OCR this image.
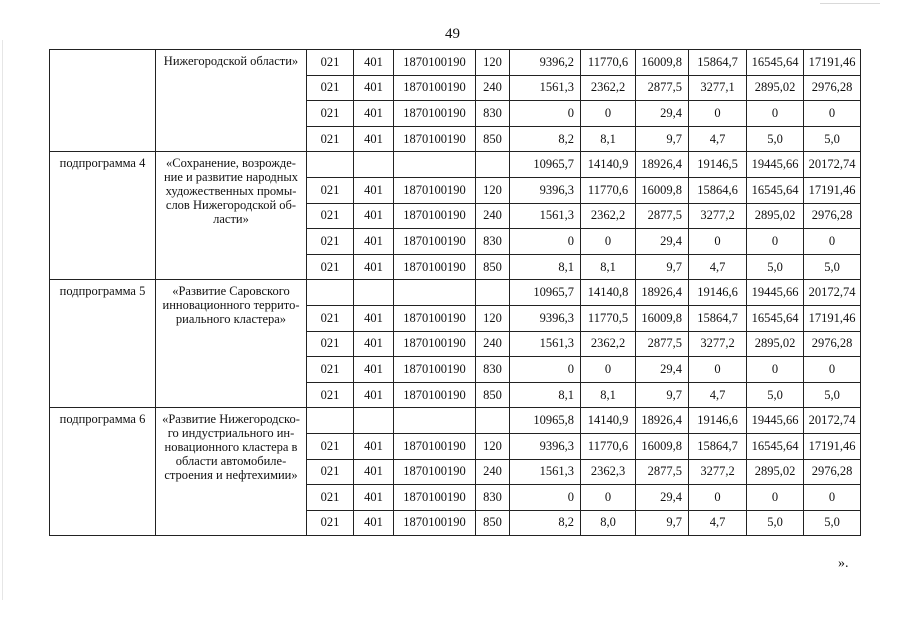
49
	Нижегородской области»	021	401	1870100190	120	9396,2	11770,6	16009,8	15864,7	16545,64	17191,46
		021	401	1870100190	240	1561,3	2362,2	2877,5	3277,1	2895,02	2976,28
		021	401	1870100190	830	0	0	29,4	0	0	0
		021	401	1870100190	850	8,2	8,1	9,7	4,7	5,0	5,0
подпрограмма 4	«Сохранение, возрожде-ние и развитие народных художественных промы-слов Нижегородской об-ласти»					10965,7	14140,9	18926,4	19146,5	19445,66	20172,74
		021	401	1870100190	120	9396,3	11770,6	16009,8	15864,6	16545,64	17191,46
		021	401	1870100190	240	1561,3	2362,2	2877,5	3277,2	2895,02	2976,28
		021	401	1870100190	830	0	0	29,4	0	0	0
		021	401	1870100190	850	8,1	8,1	9,7	4,7	5,0	5,0
подпрограмма 5	«Развитие Саровского инновационного террито-риального кластера»					10965,7	14140,8	18926,4	19146,6	19445,66	20172,74
		021	401	1870100190	120	9396,3	11770,5	16009,8	15864,7	16545,64	17191,46
		021	401	1870100190	240	1561,3	2362,2	2877,5	3277,2	2895,02	2976,28
		021	401	1870100190	830	0	0	29,4	0	0	0
		021	401	1870100190	850	8,1	8,1	9,7	4,7	5,0	5,0
подпрограмма 6	«Развитие Нижегородско-го индустриального ин-новационного кластера в области автомобиле-строения и нефтехимии»					10965,8	14140,9	18926,4	19146,6	19445,66	20172,74
		021	401	1870100190	120	9396,3	11770,6	16009,8	15864,7	16545,64	17191,46
		021	401	1870100190	240	1561,3	2362,3	2877,5	3277,2	2895,02	2976,28
		021	401	1870100190	830	0	0	29,4	0	0	0
		021	401	1870100190	850	8,2	8,0	9,7	4,7	5,0	5,0
».
